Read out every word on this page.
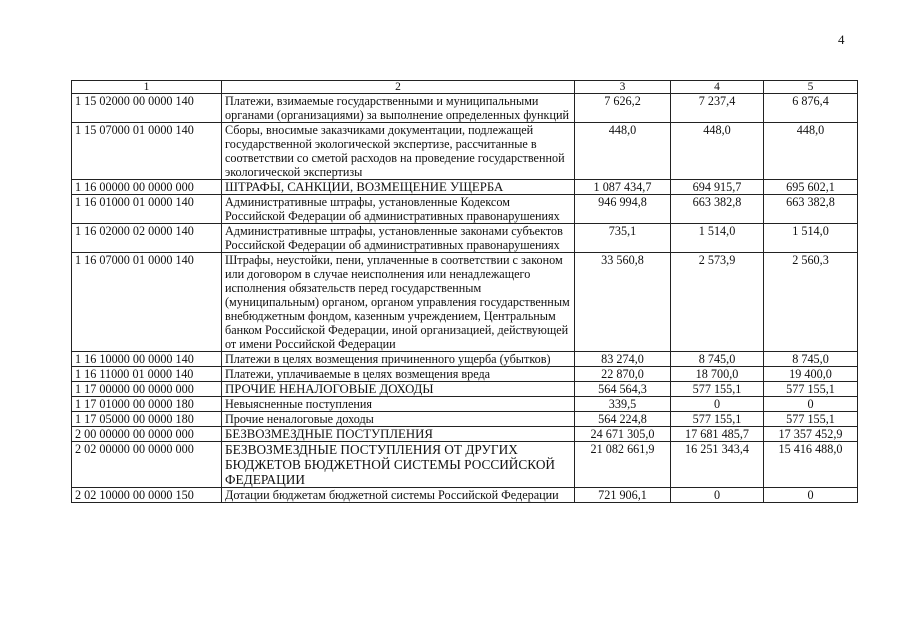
4
1	2	3	4	5
1 15 02000 00 0000 140	Платежи, взимаемые государственными и муниципальными органами (организациями) за выполнение определенных функций	7 626,2	7 237,4	6 876,4
1 15 07000 01 0000 140	Сборы, вносимые заказчиками документации, подлежащей государственной экологической экспертизе, рассчитанные в соответствии со сметой расходов на проведение государственной экологической экспертизы	448,0	448,0	448,0
1 16 00000 00 0000 000	ШТРАФЫ, САНКЦИИ, ВОЗМЕЩЕНИЕ УЩЕРБА	1 087 434,7	694 915,7	695 602,1
1 16 01000 01 0000 140	Административные штрафы, установленные Кодексом Российской Федерации об административных правонарушениях	946 994,8	663 382,8	663 382,8
1 16 02000 02 0000 140	Административные штрафы, установленные законами субъектов Российской Федерации об административных правонарушениях	735,1	1 514,0	1 514,0
1 16 07000 01 0000 140	Штрафы, неустойки, пени, уплаченные в соответствии с законом или договором в случае неисполнения или ненадлежащего исполнения обязательств перед государственным (муниципальным) органом, органом управления государственным внебюджетным фондом, казенным учреждением, Центральным банком Российской Федерации, иной организацией, действующей от имени Российской Федерации	33 560,8	2 573,9	2 560,3
1 16 10000 00 0000 140	Платежи в целях возмещения причиненного ущерба (убытков)	83 274,0	8 745,0	8 745,0
1 16 11000 01 0000 140	Платежи, уплачиваемые в целях возмещения вреда	22 870,0	18 700,0	19 400,0
1 17 00000 00 0000 000	ПРОЧИЕ НЕНАЛОГОВЫЕ ДОХОДЫ	564 564,3	577 155,1	577 155,1
1 17 01000 00 0000 180	Невыясненные поступления	339,5	0	0
1 17 05000 00 0000 180	Прочие неналоговые доходы	564 224,8	577 155,1	577 155,1
2 00 00000 00 0000 000	БЕЗВОЗМЕЗДНЫЕ ПОСТУПЛЕНИЯ	24 671 305,0	17 681 485,7	17 357 452,9
2 02 00000 00 0000 000	БЕЗВОЗМЕЗДНЫЕ ПОСТУПЛЕНИЯ ОТ ДРУГИХ БЮДЖЕТОВ БЮДЖЕТНОЙ СИСТЕМЫ РОССИЙСКОЙ ФЕДЕРАЦИИ	21 082 661,9	16 251 343,4	15 416 488,0
2 02 10000 00 0000 150	Дотации бюджетам бюджетной системы Российской Федерации	721 906,1	0	0
